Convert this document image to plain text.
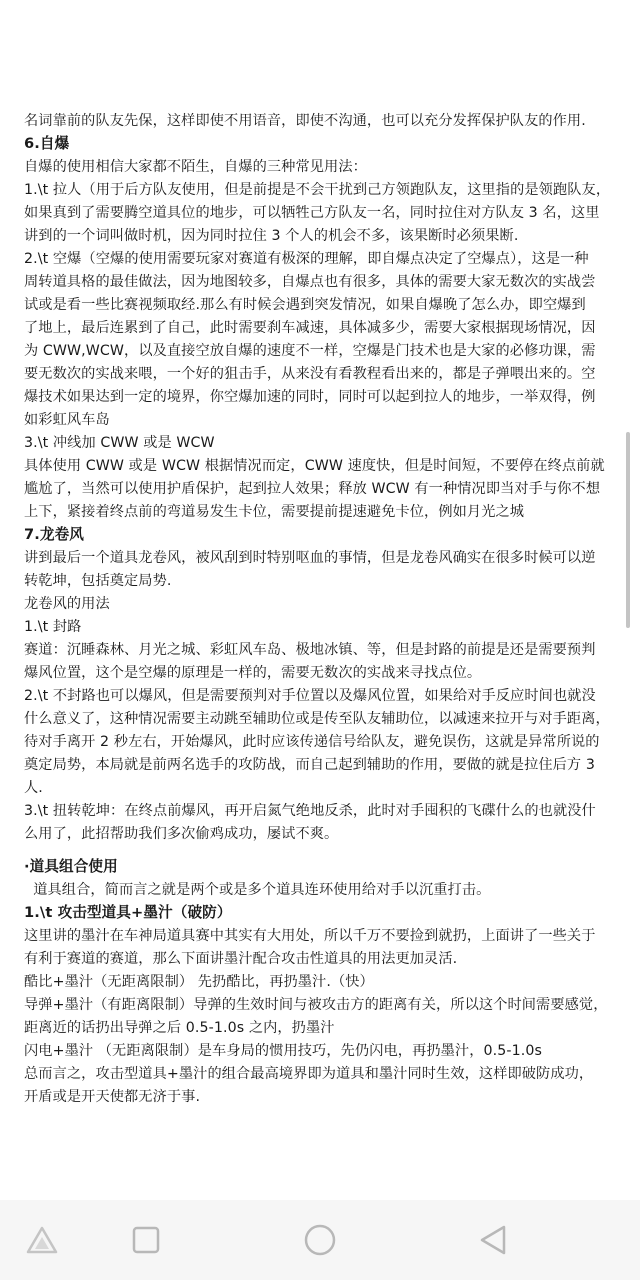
名词靠前的队友先保，这样即使不用语音，即使不沟通，也可以充分发挥保护队友的作用.
6.自爆
自爆的使用相信大家都不陌生，自爆的三种常见用法：
1.\t 拉人（用于后方队友使用，但是前提是不会干扰到己方领跑队友，这里指的是领跑队友，
如果真到了需要腾空道具位的地步，可以牺牲己方队友一名，同时拉住对方队友 3 名，这里
讲到的一个词叫做时机，因为同时拉住 3 个人的机会不多，该果断时必须果断.
2.\t 空爆（空爆的使用需要玩家对赛道有极深的理解，即自爆点决定了空爆点），这是一种
周转道具格的最佳做法，因为地图较多，自爆点也有很多，具体的需要大家无数次的实战尝
试或是看一些比赛视频取经.那么有时候会遇到突发情况，如果自爆晚了怎么办，即空爆到
了地上，最后连累到了自己，此时需要刹车减速，具体减多少，需要大家根据现场情况，因
为 CWW,WCW，以及直接空放自爆的速度不一样，空爆是门技术也是大家的必修功课，需
要无数次的实战来喂，一个好的狙击手，从来没有看教程看出来的，都是子弹喂出来的。空
爆技术如果达到一定的境界，你空爆加速的同时，同时可以起到拉人的地步，一举双得，例
如彩虹风车岛
3.\t 冲线加 CWW 或是 WCW
具体使用 CWW 或是 WCW 根据情况而定，CWW 速度快，但是时间短，不要停在终点前就
尴尬了，当然可以使用护盾保护，起到拉人效果；释放 WCW 有一种情况即当对手与你不想
上下，紧接着终点前的弯道易发生卡位，需要提前提速避免卡位，例如月光之城
7.龙卷风
讲到最后一个道具龙卷风，被风刮到时特别呕血的事情，但是龙卷风确实在很多时候可以逆
转乾坤，包括奠定局势.
龙卷风的用法
1.\t 封路
赛道：沉睡森林、月光之城、彩虹风车岛、极地冰镇、等，但是封路的前提是还是需要预判
爆风位置，这个是空爆的原理是一样的，需要无数次的实战来寻找点位。
2.\t 不封路也可以爆风，但是需要预判对手位置以及爆风位置，如果给对手反应时间也就没
什么意义了，这种情况需要主动跳至辅助位或是传至队友辅助位，以减速来拉开与对手距离，
待对手离开 2 秒左右，开始爆风，此时应该传递信号给队友，避免误伤，这就是异常所说的
奠定局势，本局就是前两名选手的攻防战，而自己起到辅助的作用，要做的就是拉住后方 3
人.
3.\t 扭转乾坤：在终点前爆风，再开启氮气绝地反杀，此时对手囤积的飞碟什么的也就没什
么用了，此招帮助我们多次偷鸡成功，屡试不爽。
·道具组合使用
道具组合，简而言之就是两个或是多个道具连环使用给对手以沉重打击。
1.\t 攻击型道具+墨汁（破防）
这里讲的墨汁在车神局道具赛中其实有大用处，所以千万不要捡到就扔，上面讲了一些关于
有利于赛道的赛道，那么下面讲墨汁配合攻击性道具的用法更加灵活.
酷比+墨汁（无距离限制） 先扔酷比，再扔墨汁.（快）
导弹+墨汁（有距离限制）导弹的生效时间与被攻击方的距离有关，所以这个时间需要感觉，
距离近的话扔出导弹之后 0.5-1.0s 之内，扔墨汁
闪电+墨汁 （无距离限制）是车身局的惯用技巧，先仍闪电，再扔墨汁，0.5-1.0s
总而言之，攻击型道具+墨汁的组合最高境界即为道具和墨汁同时生效，这样即破防成功，
开盾或是开天使都无济于事.
